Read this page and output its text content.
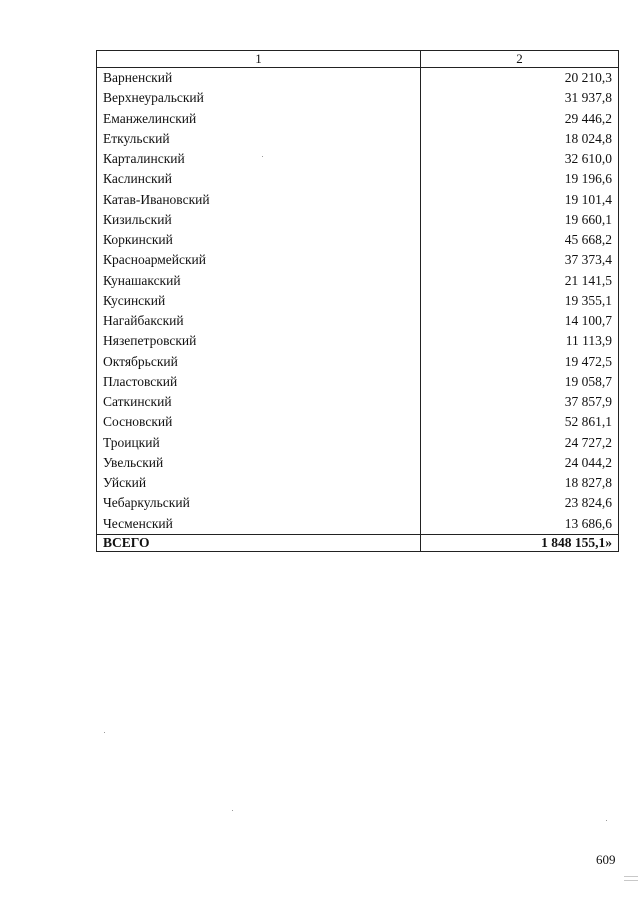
1	2
Варненский	20 210,3
Верхнеуральский	31 937,8
Еманжелинский	29 446,2
Еткульский	18 024,8
Карталинский	32 610,0
Каслинский	19 196,6
Катав-Ивановский	19 101,4
Кизильский	19 660,1
Коркинский	45 668,2
Красноармейский	37 373,4
Кунашакский	21 141,5
Кусинский	19 355,1
Нагайбакский	14 100,7
Нязепетровский	11 113,9
Октябрьский	19 472,5
Пластовский	19 058,7
Саткинский	37 857,9
Сосновский	52 861,1
Троицкий	24 727,2
Увельский	24 044,2
Уйский	18 827,8
Чебаркульский	23 824,6
Чесменский	13 686,6
ВСЕГО	1 848 155,1»
609
